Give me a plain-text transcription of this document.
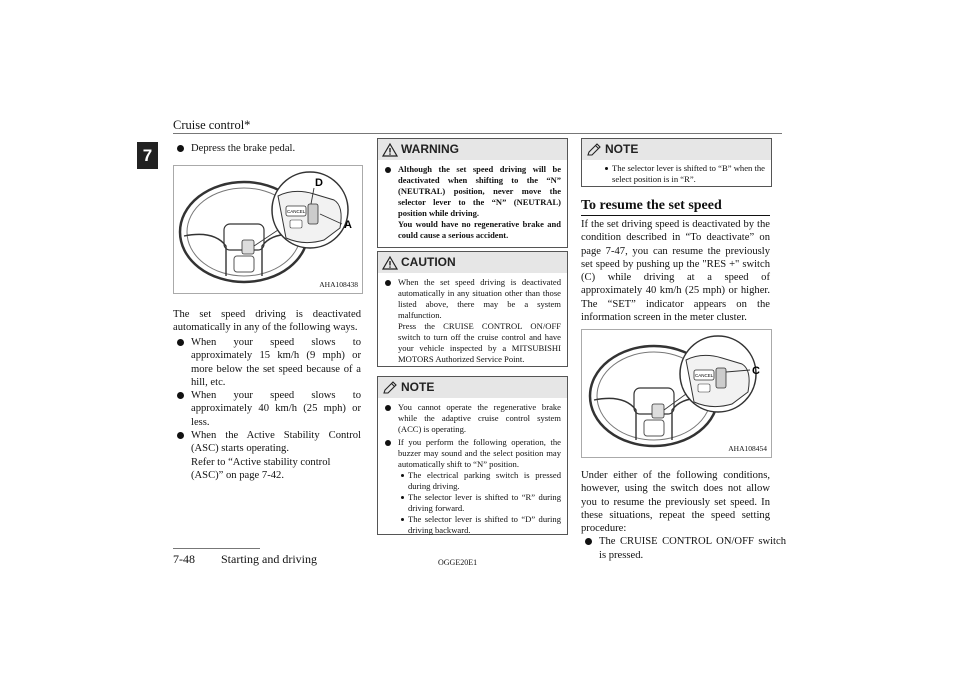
Cruise control*
7	Depress the brake pedal.

CANCEL
D
A
AHA108438
The set speed driving is deactivated automatically in any of the following ways.

When your speed slows to approximately 15 km/h (9 mph) or more below the set speed because of a hill, etc.

When your speed slows to approximately 40 km/h (25 mph) or less.

When the Active Stability Control (ASC) starts operating.

Refer to “Active stability control (ASC)” on page 7-42.

WARNING

Although the set speed driving will be deactivated when shifting to the “N” (NEUTRAL) position, never move the selector lever to the “N” (NEUTRAL) position while driving.

You would have no regenerative brake and could cause a serious accident.

CAUTION

When the set speed driving is deactivated automatically in any situation other than those listed above, there may be a system malfunction.

Press the CRUISE CONTROL ON/OFF switch to turn off the cruise control and have your vehicle inspected by a MITSUBISHI MOTORS Authorized Service Point.

NOTE

You cannot operate the regenerative brake while the adaptive cruise control system (ACC) is operating.

If you perform the following operation, the buzzer may sound and the select position may automatically shift to “N” position.

The electrical parking switch is pressed during driving.

The selector lever is shifted to “R” during driving forward.

The selector lever is shifted to “D” during driving backward.

NOTE

The selector lever is shifted to “B” when the select position is in “R”.

To resume the set speed
If the set driving speed is deactivated by the condition described in “To deactivate” on page 7-47, you can resume the previously set speed by pushing up the "RES +" switch (C) while driving at a speed of approximately 40 km/h (25 mph) or higher. The “SET” indicator appears on the information screen in the meter cluster.
CANCEL	C
AHA108454
Under either of the following conditions, however, using the switch does not allow you to resume the previously set speed. In these situations, repeat the speed setting procedure:

The CRUISE CONTROL ON/OFF switch is pressed.

7-48 Starting and driving	OGGE20E1
